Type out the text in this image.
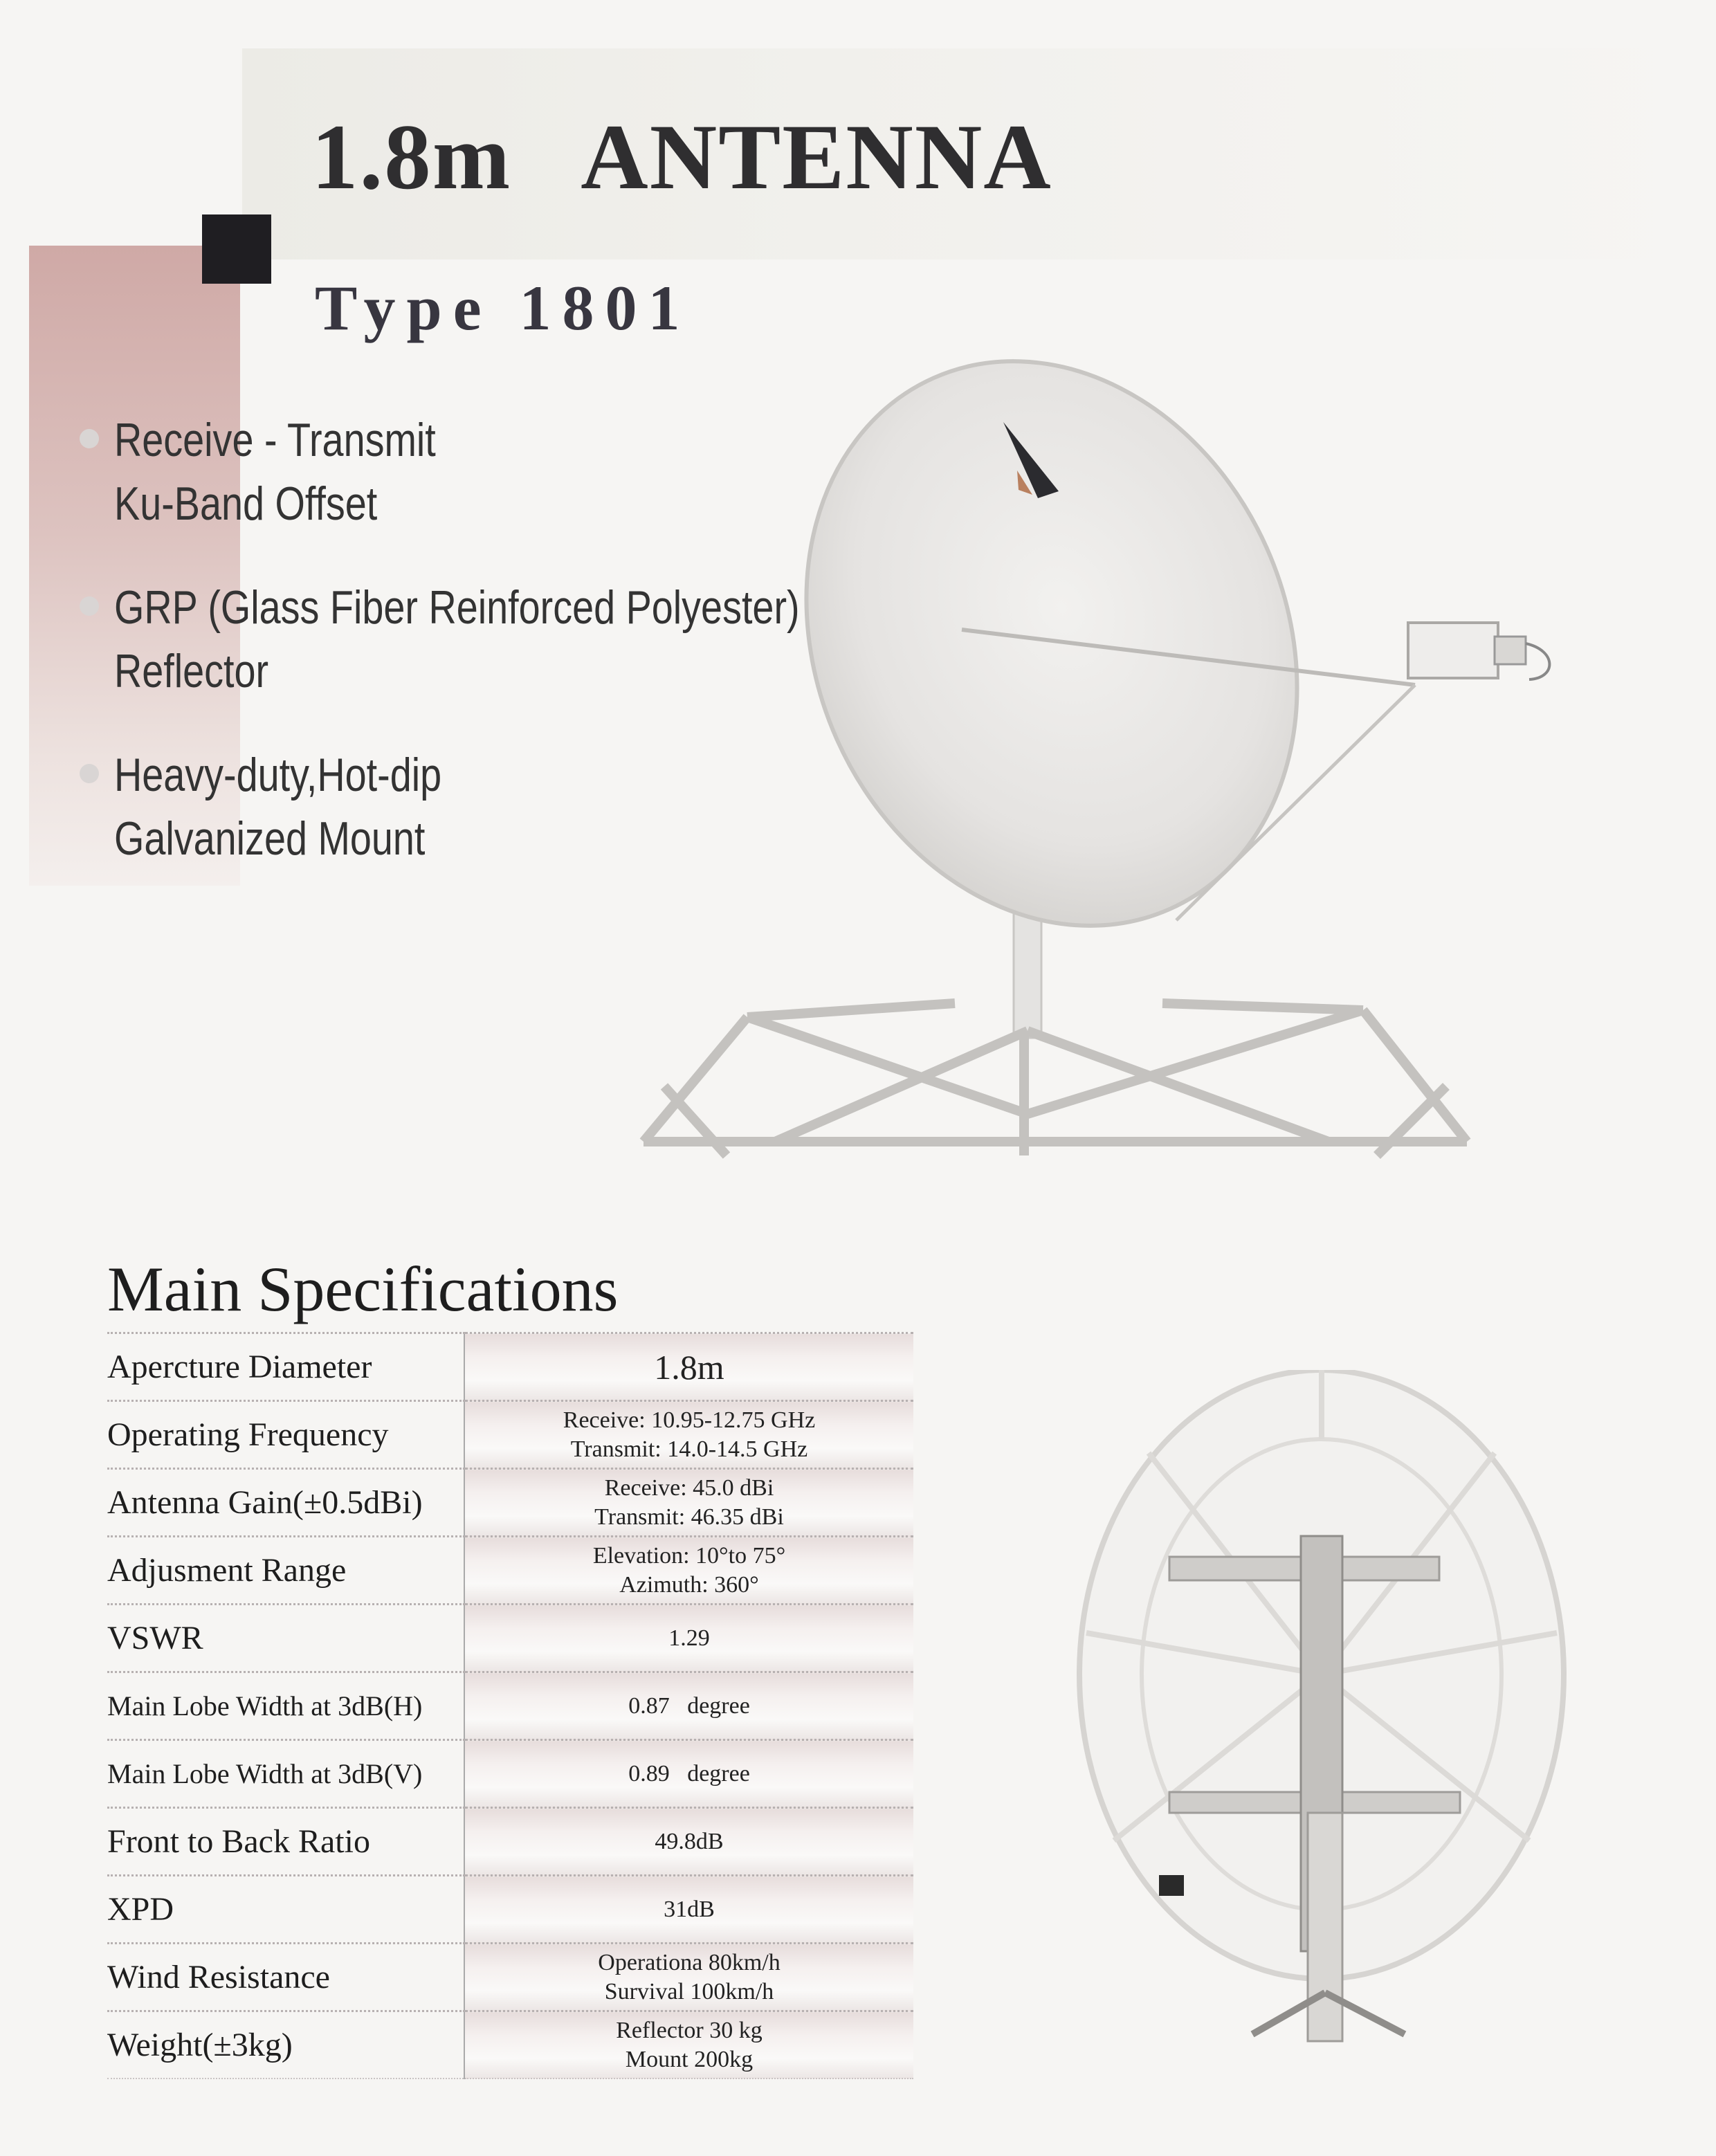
1.8m ANTENNA
Type 1801
Receive - Transmit
Ku-Band Offset
GRP (Glass Fiber Reinforced Polyester)
Reflector
Heavy-duty,Hot-dip
Galvanized Mount
Main Specifications
Apercture Diameter	1.8m

Operating Frequency	Receive: 10.95-12.75 GHz
Transmit: 14.0-14.5 GHz

Antenna Gain(±0.5dBi)	Receive: 45.0 dBi
Transmit: 46.35 dBi

Adjusment Range	Elevation: 10°to 75°
Azimuth: 360°

VSWR	1.29

Main Lobe Width at 3dB(H)	0.87   degree

Main Lobe Width at 3dB(V)	0.89   degree

Front to Back Ratio	49.8dB

XPD	31dB

Wind Resistance	Operationa 80km/h
Survival 100km/h

Weight(±3kg)	Reflector 30 kg
Mount 200kg
